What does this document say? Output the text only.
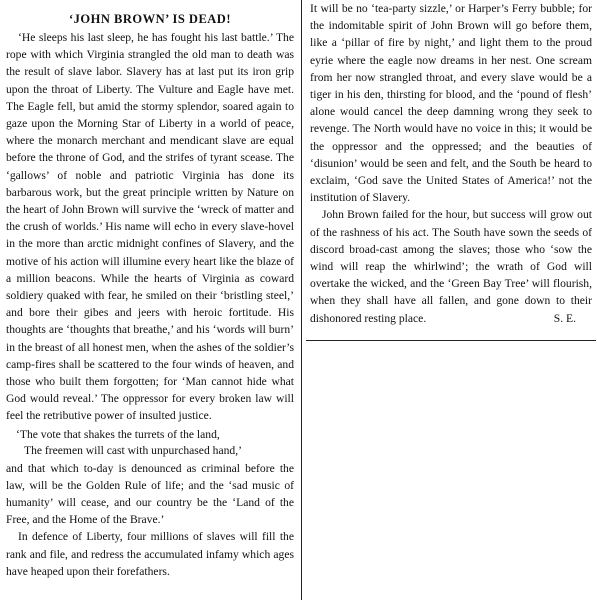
‘JOHN BROWN’ IS DEAD!

‘He sleeps his last sleep, he has fought his last battle.’ The rope with which Virginia strangled the old man to death was the result of slave labor. Slavery has at last put its iron grip upon the throat of Liberty. The Vulture and Eagle have met. The Eagle fell, but amid the stormy splendor, soared again to gaze upon the Morning Star of Liberty in a world of peace, where the monarch merchant and mendicant slave are equal before the throne of God, and the strifes of tyrant scease. The ‘gallows’ of noble and patriotic Virginia has done its barbarous work, but the great principle written by Nature on the heart of John Brown will survive the ‘wreck of matter and the crush of worlds.’ His name will echo in every slave-hovel in the more than arctic midnight confines of Slavery, and the motive of his action will illumine every heart like the blaze of a million beacons. While the hearts of Virginia as coward soldiery quaked with fear, he smiled on their ‘bristling steel,’ and bore their gibes and jeers with heroic fortitude. His thoughts are ‘thoughts that breathe,’ and his ‘words will burn’ in the breast of all honest men, when the ashes of the soldier’s camp-fires shall be scattered to the four winds of heaven, and those who built them forgotten; for ‘Man cannot hide what God would reveal.’ The oppressor for every broken law will feel the retributive power of insulted justice.

‘The vote that shakes the turrets of the land,
The freemen will cast with unpurchased hand,’

and that which to-day is denounced as criminal before the law, will be the Golden Rule of life; and the ‘sad music of humanity’ will cease, and our country be the ‘Land of the Free, and the Home of the Brave.’

In defence of Liberty, four millions of slaves will fill the rank and file, and redress the accumulated infamy which ages have heaped upon their forefathers.

It will be no ‘tea-party sizzle,’ or Harper’s Ferry bubble; for the indomitable spirit of John Brown will go before them, like a ‘pillar of fire by night,’ and light them to the proud eyrie where the eagle now dreams in her nest. One scream from her now strangled throat, and every slave would be a tiger in his den, thirsting for blood, and the ‘pound of flesh’ alone would cancel the deep damning wrong they seek to revenge. The North would have no voice in this; it would be the oppressor and the oppressed; and the beauties of ‘disunion’ would be seen and felt, and the South be heard to exclaim, ‘God save the United States of America!’ not the institution of Slavery.

John Brown failed for the hour, but success will grow out of the rashness of his act. The South have sown the seeds of discord broad-cast among the slaves; those who ‘sow the wind will reap the whirlwind’; the wrath of God will overtake the wicked, and the ‘Green Bay Tree’ will flourish, when they shall have all fallen, and gone down to their dishonored resting place.	S. E.
